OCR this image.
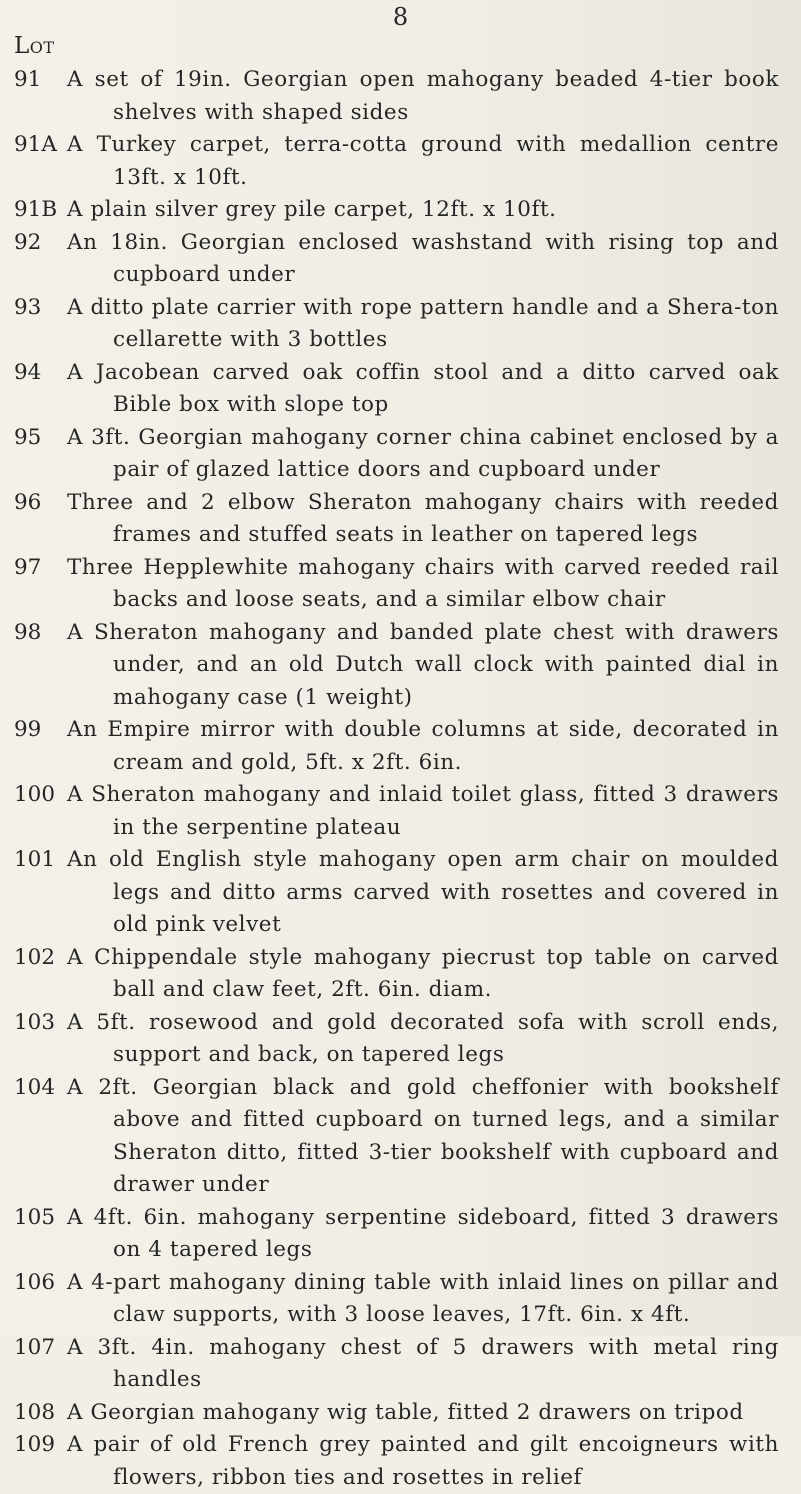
8
Lot
91	A set of 19in. Georgian open mahogany beaded 4-tier book shelves with shaped sides
91A A Turkey carpet, terra-cotta ground with medallion centre 13ft. x 10ft.
91B A plain silver grey pile carpet, 12ft. x 10ft.
92	An 18in. Georgian enclosed washstand with rising top and cupboard under
93	A ditto plate carrier with rope pattern handle and a Shera-ton cellarette with 3 bottles
94	A Jacobean carved oak coffin stool and a ditto carved oak Bible box with slope top
95	A 3ft. Georgian mahogany corner china cabinet enclosed by a pair of glazed lattice doors and cupboard under
96	Three and 2 elbow Sheraton mahogany chairs with reeded frames and stuffed seats in leather on tapered legs
97	Three Hepplewhite mahogany chairs with carved reeded rail backs and loose seats, and a similar elbow chair
98	A Sheraton mahogany and banded plate chest with drawers under, and an old Dutch wall clock with painted dial in mahogany case (1 weight)
99	An Empire mirror with double columns at side, decorated in cream and gold, 5ft. x 2ft. 6in.
100 A Sheraton mahogany and inlaid toilet glass, fitted 3 drawers in the serpentine plateau
101 An old English style mahogany open arm chair on moulded legs and ditto arms carved with rosettes and covered in old pink velvet
102 A Chippendale style mahogany piecrust top table on carved ball and claw feet, 2ft. 6in. diam.
103 A 5ft. rosewood and gold decorated sofa with scroll ends, support and back, on tapered legs
104 A 2ft. Georgian black and gold cheffonier with bookshelf above and fitted cupboard on turned legs, and a similar Sheraton ditto, fitted 3-tier bookshelf with cupboard and drawer under
105 A 4ft. 6in. mahogany serpentine sideboard, fitted 3 drawers on 4 tapered legs
106 A 4-part mahogany dining table with inlaid lines on pillar and claw supports, with 3 loose leaves, 17ft. 6in. x 4ft.
107 A 3ft. 4in. mahogany chest of 5 drawers with metal ring handles
108 A Georgian mahogany wig table, fitted 2 drawers on tripod
109 A pair of old French grey painted and gilt encoigneurs with flowers, ribbon ties and rosettes in relief
